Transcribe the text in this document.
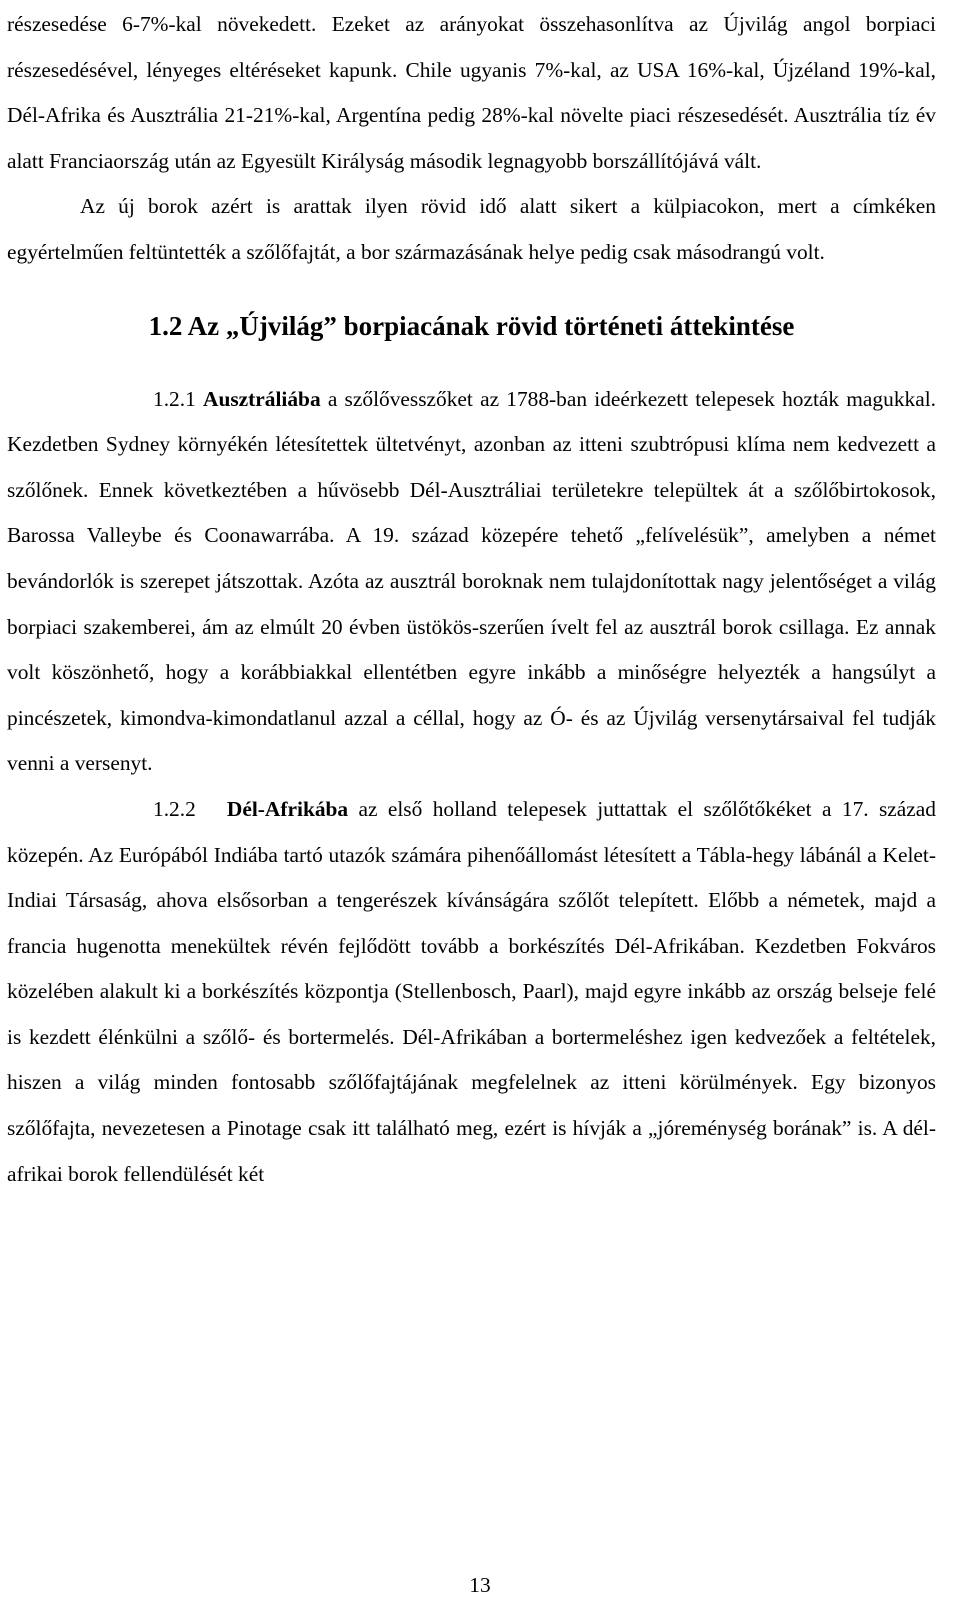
részesedése 6-7%-kal növekedett. Ezeket az arányokat összehasonlítva az Újvilág angol borpiaci részesedésével, lényeges eltéréseket kapunk. Chile ugyanis 7%-kal, az USA 16%-kal, Újzéland 19%-kal, Dél-Afrika és Ausztrália 21-21%-kal, Argentína pedig 28%-kal növelte piaci részesedését. Ausztrália tíz év alatt Franciaország után az Egyesült Királyság második legnagyobb borszállítójává vált.

Az új borok azért is arattak ilyen rövid idő alatt sikert a külpiacokon, mert a címkéken egyértelműen feltüntették a szőlőfajtát, a bor származásának helye pedig csak másodrangú volt.

1.2 Az „Újvilág” borpiacának rövid történeti áttekintése

1.2.1 Ausztráliába a szőlővesszőket az 1788-ban ideérkezett telepesek hozták magukkal. Kezdetben Sydney környékén létesítettek ültetvényt, azonban az itteni szubtrópusi klíma nem kedvezett a szőlőnek. Ennek következtében a hűvösebb Dél-Ausztráliai területekre települtek át a szőlőbirtokosok, Barossa Valleybe és Coonawarrába. A 19. század közepére tehető „felívelésük”, amelyben a német bevándorlók is szerepet játszottak. Azóta az ausztrál boroknak nem tulajdonítottak nagy jelentőséget a világ borpiaci szakemberei, ám az elmúlt 20 évben üstökös-szerűen ívelt fel az ausztrál borok csillaga. Ez annak volt köszönhető, hogy a korábbiakkal ellentétben egyre inkább a minőségre helyezték a hangsúlyt a pincészetek, kimondva-kimondatlanul azzal a céllal, hogy az Ó- és az Újvilág versenytársaival fel tudják venni a versenyt.

1.2.2 Dél-Afrikába az első holland telepesek juttattak el szőlőtőkéket a 17. század közepén. Az Európából Indiába tartó utazók számára pihenőállomást létesített a Tábla-hegy lábánál a Kelet-Indiai Társaság, ahova elsősorban a tengerészek kívánságára szőlőt telepített. Előbb a németek, majd a francia hugenotta menekültek révén fejlődött tovább a borkészítés Dél-Afrikában. Kezdetben Fokváros közelében alakult ki a borkészítés központja (Stellenbosch, Paarl), majd egyre inkább az ország belseje felé is kezdett élénkülni a szőlő- és bortermelés. Dél-Afrikában a bortermeléshez igen kedvezőek a feltételek, hiszen a világ minden fontosabb szőlőfajtájának megfelelnek az itteni körülmények. Egy bizonyos szőlőfajta, nevezetesen a Pinotage csak itt található meg, ezért is hívják a „jóreménység borának” is. A dél-afrikai borok fellendülését két

13
